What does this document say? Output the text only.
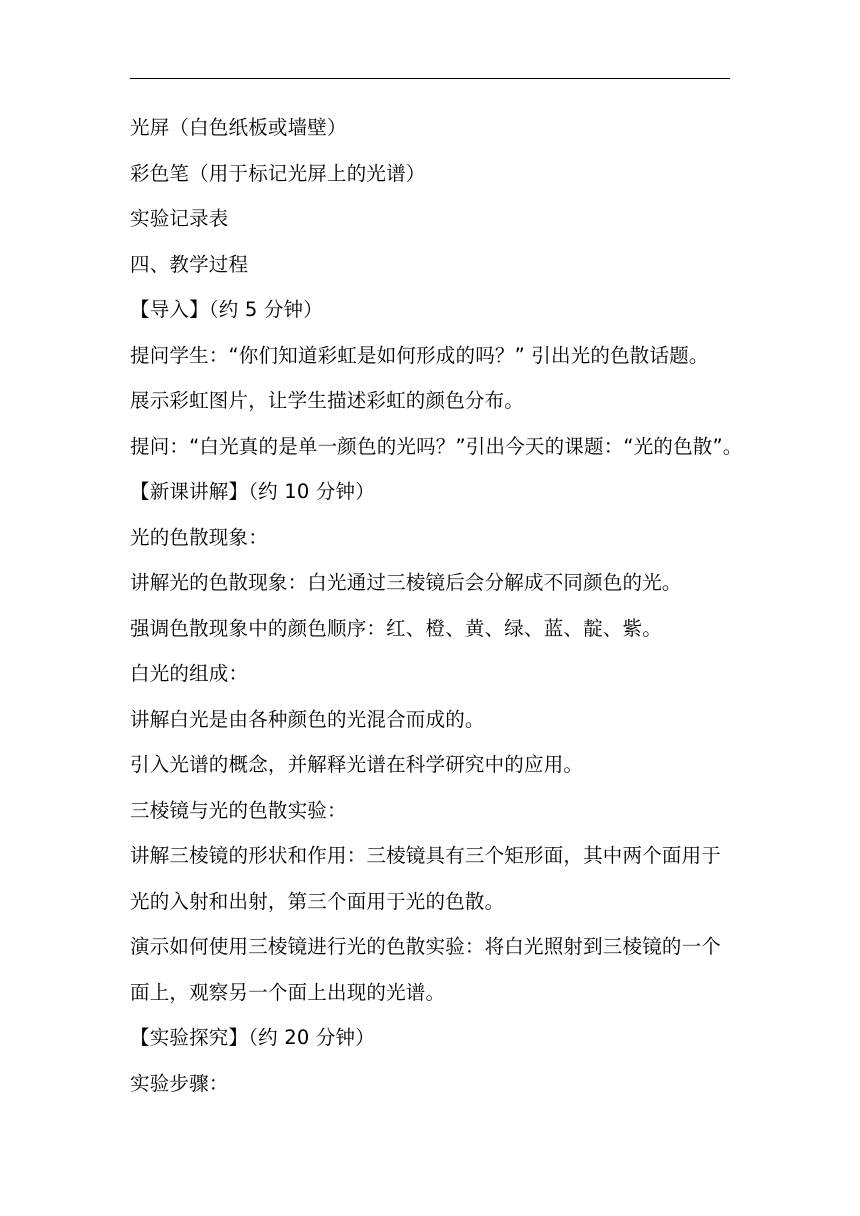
光屏（白色纸板或墙壁）
彩色笔（用于标记光屏上的光谱）
实验记录表
四、教学过程
【导入】（约 5 分钟）
提问学生：“你们知道彩虹是如何形成的吗？” 引出光的色散话题。
展示彩虹图片，让学生描述彩虹的颜色分布。
提问：“白光真的是单一颜色的光吗？”引出今天的课题：“光的色散”。
【新课讲解】（约 10 分钟）
光的色散现象：
讲解光的色散现象：白光通过三棱镜后会分解成不同颜色的光。
强调色散现象中的颜色顺序：红、橙、黄、绿、蓝、靛、紫。
白光的组成：
讲解白光是由各种颜色的光混合而成的。
引入光谱的概念，并解释光谱在科学研究中的应用。
三棱镜与光的色散实验：
讲解三棱镜的形状和作用：三棱镜具有三个矩形面，其中两个面用于
光的入射和出射，第三个面用于光的色散。
演示如何使用三棱镜进行光的色散实验：将白光照射到三棱镜的一个
面上，观察另一个面上出现的光谱。
【实验探究】（约 20 分钟）
实验步骤：
